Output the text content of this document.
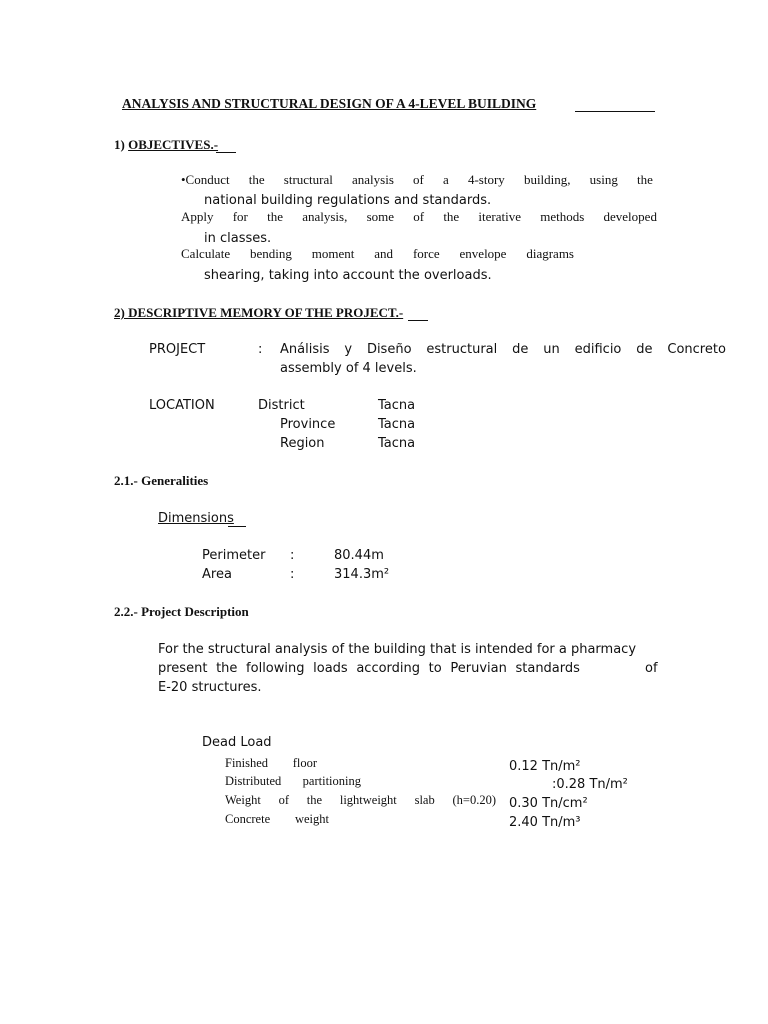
ANALYSIS AND STRUCTURAL DESIGN OF A 4-LEVEL BUILDING
1) OBJECTIVES.-
•Conduct the structural analysis of a 4-story building, using the
national building regulations and standards.
Apply for the analysis, some of the iterative methods developed
in classes.
Calculate bending moment and force envelope diagrams
shearing, taking into account the overloads.
2) DESCRIPTIVE MEMORY OF THE PROJECT.-
PROJECT	: Análisis y Diseño estructural de un edificio de Concreto
assembly of 4 levels.
LOCATION	District	Tacna
Province	Tacna
Region	Tacna
2.1.- Generalities
Dimensions
Perimeter :	80.44m
Area	:	314.3m²
2.2.- Project Description
For the structural analysis of the building that is intended for a pharmacy
present the following loads according to Peruvian standards	of
E-20 structures.
Dead Load
Finished floor	0.12 Tn/m²
Distributed partitioning	:0.28 Tn/m²
Weight of the lightweight slab (h=0.20) 0.30 Tn/cm²
Concrete weight	2.40 Tn/m³
